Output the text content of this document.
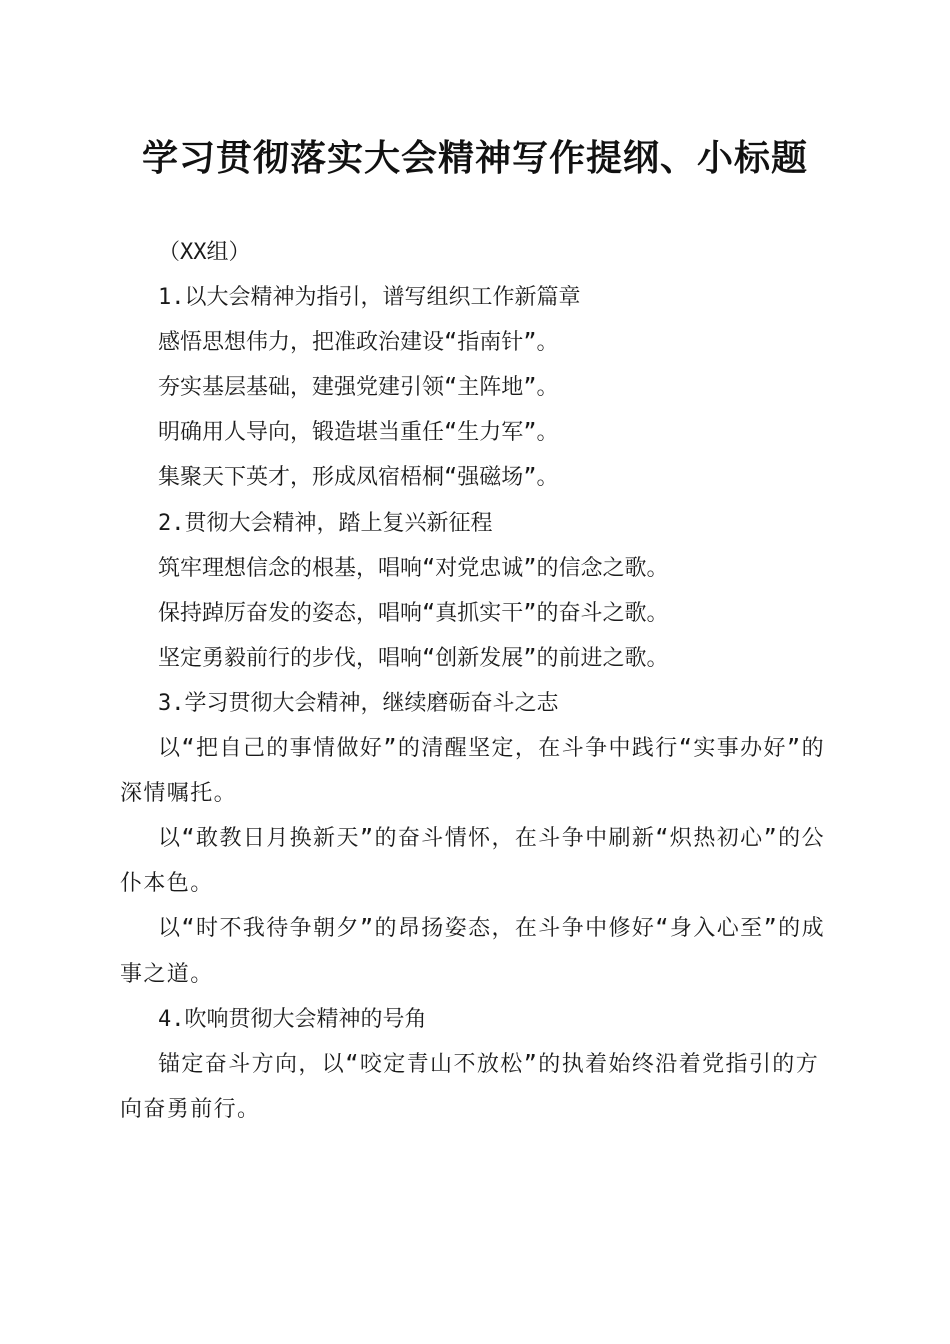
学习贯彻落实大会精神写作提纲、小标题

（XX组）

1.以大会精神为指引，谱写组织工作新篇章

感悟思想伟力，把准政治建设“指南针”。

夯实基层基础，建强党建引领“主阵地”。

明确用人导向，锻造堪当重任“生力军”。

集聚天下英才，形成凤宿梧桐“强磁场”。

2.贯彻大会精神，踏上复兴新征程

筑牢理想信念的根基，唱响“对党忠诚”的信念之歌。

保持踔厉奋发的姿态，唱响“真抓实干”的奋斗之歌。

坚定勇毅前行的步伐，唱响“创新发展”的前进之歌。

3.学习贯彻大会精神，继续磨砺奋斗之志

以“把自己的事情做好”的清醒坚定，在斗争中践行“实事办好”的深情嘱托。

以“敢教日月换新天”的奋斗情怀，在斗争中刷新“炽热初心”的公仆本色。

以“时不我待争朝夕”的昂扬姿态，在斗争中修好“身入心至”的成事之道。

4.吹响贯彻大会精神的号角

锚定奋斗方向，以“咬定青山不放松”的执着始终沿着党指引的方向奋勇前行。
